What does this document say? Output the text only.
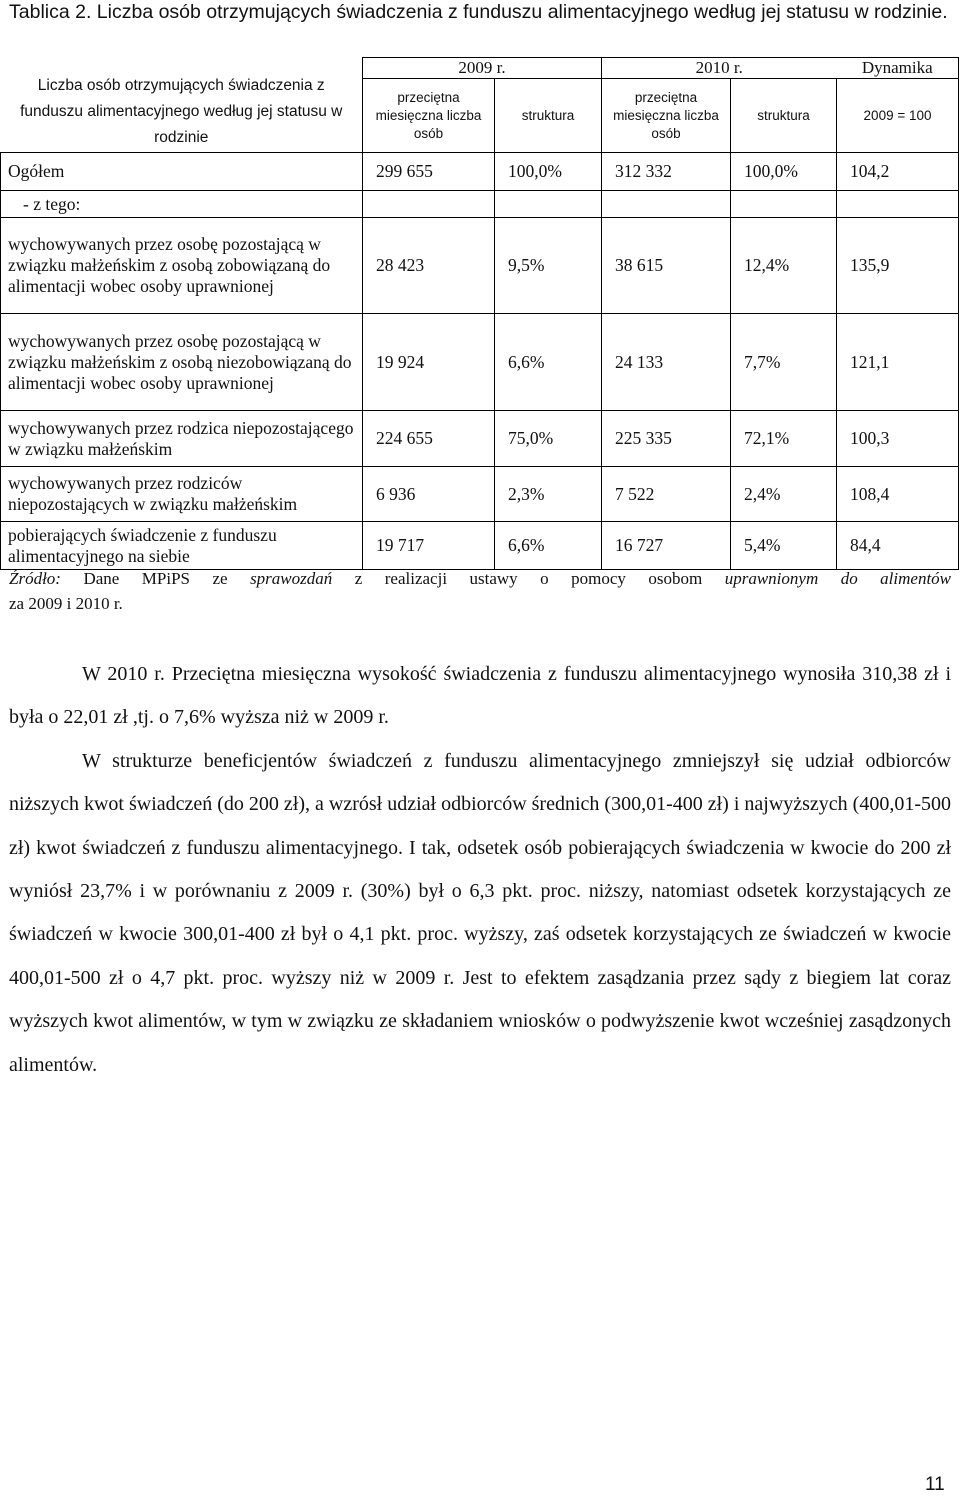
Tablica 2. Liczba osób otrzymujących świadczenia z funduszu alimentacyjnego według jej statusu w rodzinie.
Liczba osób otrzymujących świadczenia z funduszu alimentacyjnego według jej statusu w rodzinie	2009 r.		2010 r.		Dynamika
	przeciętna miesięczna liczba osób	struktura	przeciętna miesięczna liczba osób	struktura	2009 = 100
Ogółem	299 655	100,0%	312 332	100,0%	104,2
- z tego:					
wychowywanych przez osobę pozostającą w związku małżeńskim z osobą zobowiązaną do alimentacji wobec osoby uprawnionej	28 423	9,5%	38 615	12,4%	135,9
wychowywanych przez osobę pozostającą w związku małżeńskim z osobą niezobowiązaną do alimentacji wobec osoby uprawnionej	19 924	6,6%	24 133	7,7%	121,1
wychowywanych przez rodzica niepozostającego w związku małżeńskim	224 655	75,0%	225 335	72,1%	100,3
wychowywanych przez rodziców niepozostających w związku małżeńskim	6 936	2,3%	7 522	2,4%	108,4
pobierających świadczenie z funduszu alimentacyjnego na siebie	19 717	6,6%	16 727	5,4%	84,4
Źródło: Dane MPiPS ze sprawozdań z realizacji ustawy o pomocy osobom uprawnionym do alimentów
za 2009 i 2010 r.

W 2010 r. Przeciętna miesięczna wysokość świadczenia z funduszu alimentacyjnego wynosiła 310,38 zł i była o 22,01 zł ,tj. o 7,6% wyższa niż w 2009 r.

W strukturze beneficjentów świadczeń z funduszu alimentacyjnego zmniejszył się udział odbiorców niższych kwot świadczeń (do 200 zł), a wzrósł udział odbiorców średnich (300,01-400 zł) i najwyższych (400,01-500 zł) kwot świadczeń z funduszu alimentacyjnego. I tak, odsetek osób pobierających świadczenia w kwocie do 200 zł wyniósł 23,7% i w porównaniu z 2009 r. (30%) był o 6,3 pkt. proc. niższy, natomiast odsetek korzystających ze świadczeń w kwocie 300,01-400 zł był o 4,1 pkt. proc. wyższy, zaś odsetek korzystających ze świadczeń w kwocie 400,01-500 zł o 4,7 pkt. proc. wyższy niż w 2009 r. Jest to efektem zasądzania przez sądy z biegiem lat coraz wyższych kwot alimentów, w tym w związku ze składaniem wniosków o podwyższenie kwot wcześniej zasądzonych alimentów.

11
